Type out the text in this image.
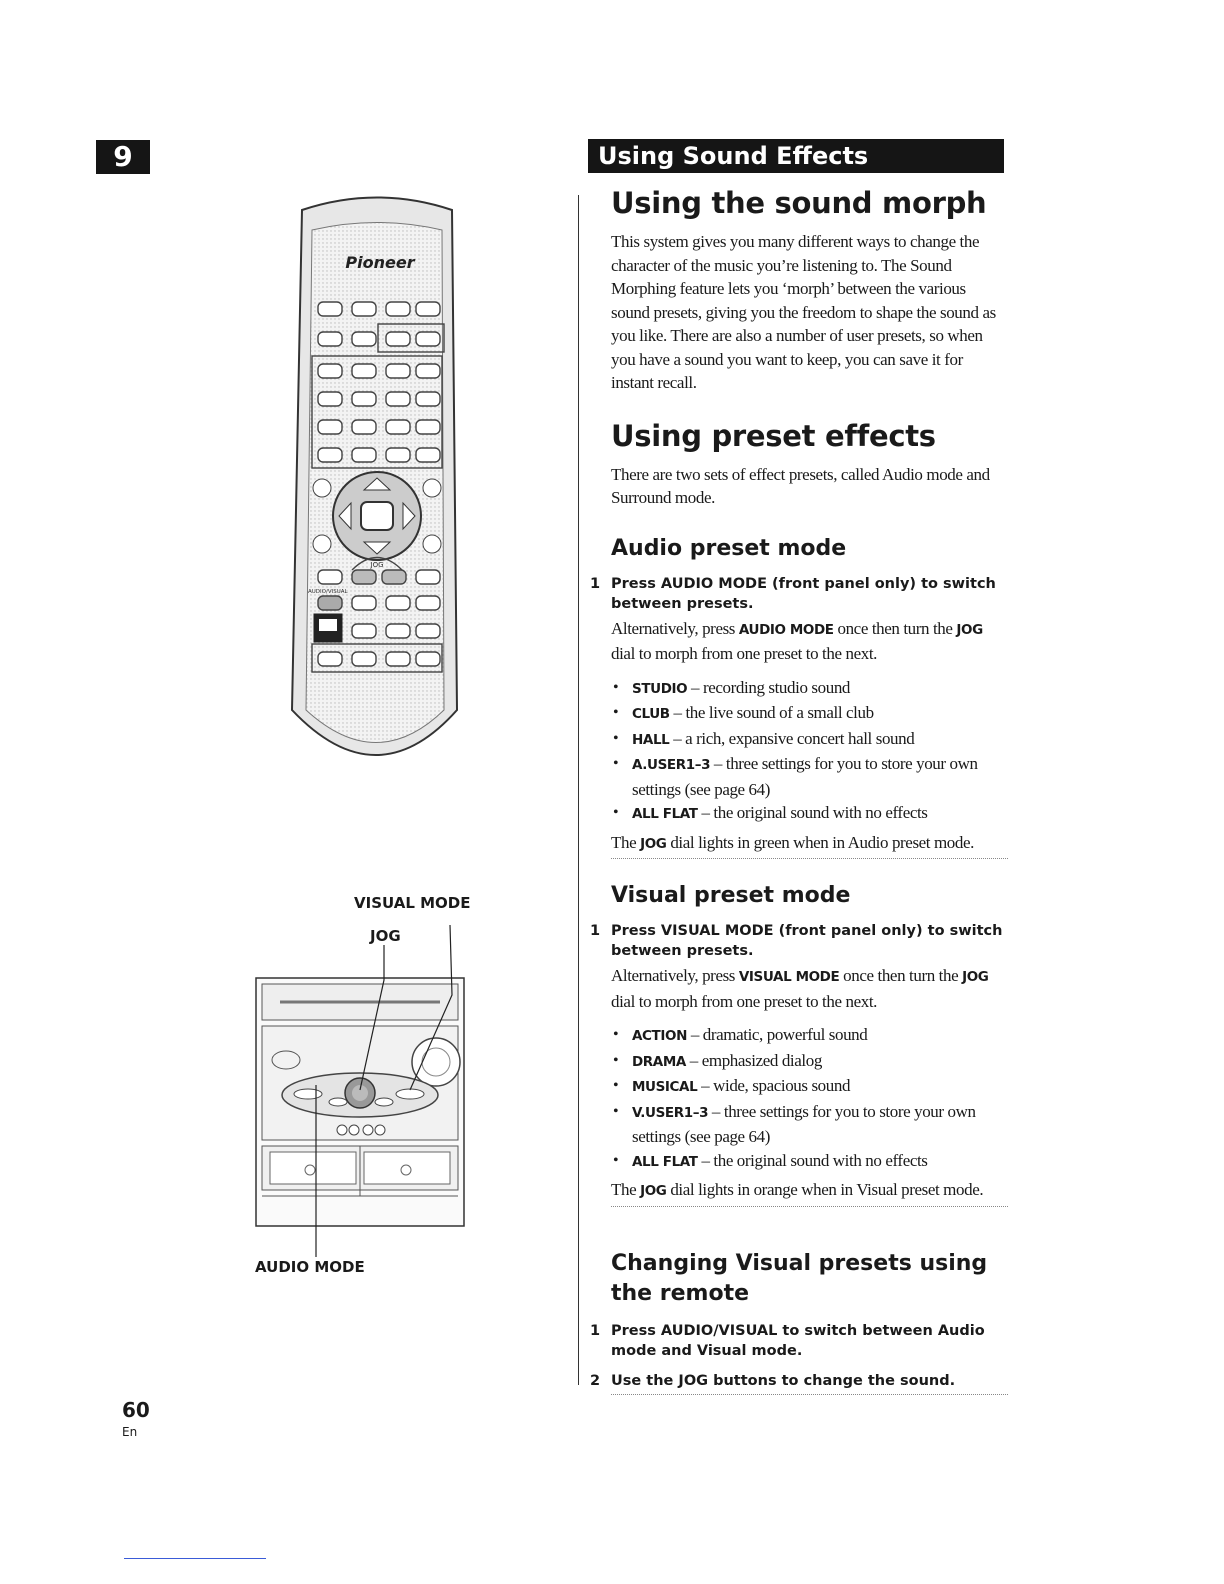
9	Using Sound Effects
Pioneer
JOG
AUDIO/VISUAL
VISUAL MODE
JOG
AUDIO MODE
Using the sound morph

This system gives you many different ways to change the character of the music you’re listening to. The Sound Morphing feature lets you ‘morph’ between the various sound presets, giving you the freedom to shape the sound as you like. There are also a number of user presets, so when you have a sound you want to keep, you can save it for instant recall.

Using preset effects

There are two sets of effect presets, called Audio mode and Surround mode.

Audio preset mode
1 Press AUDIO MODE (front panel only) to switch between presets.

Alternatively, press AUDIO MODE once then turn the JOG dial to morph from one preset to the next.

• STUDIO – recording studio sound
• CLUB – the live sound of a small club
• HALL – a rich, expansive concert hall sound
• A.USER1–3 – three settings for you to store your own settings (see page 64)
• ALL FLAT – the original sound with no effects

The JOG dial lights in green when in Audio preset mode.

Visual preset mode
1 Press VISUAL MODE (front panel only) to switch between presets.

Alternatively, press VISUAL MODE once then turn the JOG dial to morph from one preset to the next.

• ACTION – dramatic, powerful sound
• DRAMA – emphasized dialog
• MUSICAL – wide, spacious sound
• V.USER1–3 – three settings for you to store your own settings (see page 64)
• ALL FLAT – the original sound with no effects

The JOG dial lights in orange when in Visual preset mode.

Changing Visual presets using the remote
1 Press AUDIO/VISUAL to switch between Audio mode and Visual mode.
2 Use the JOG buttons to change the sound.
60
En
